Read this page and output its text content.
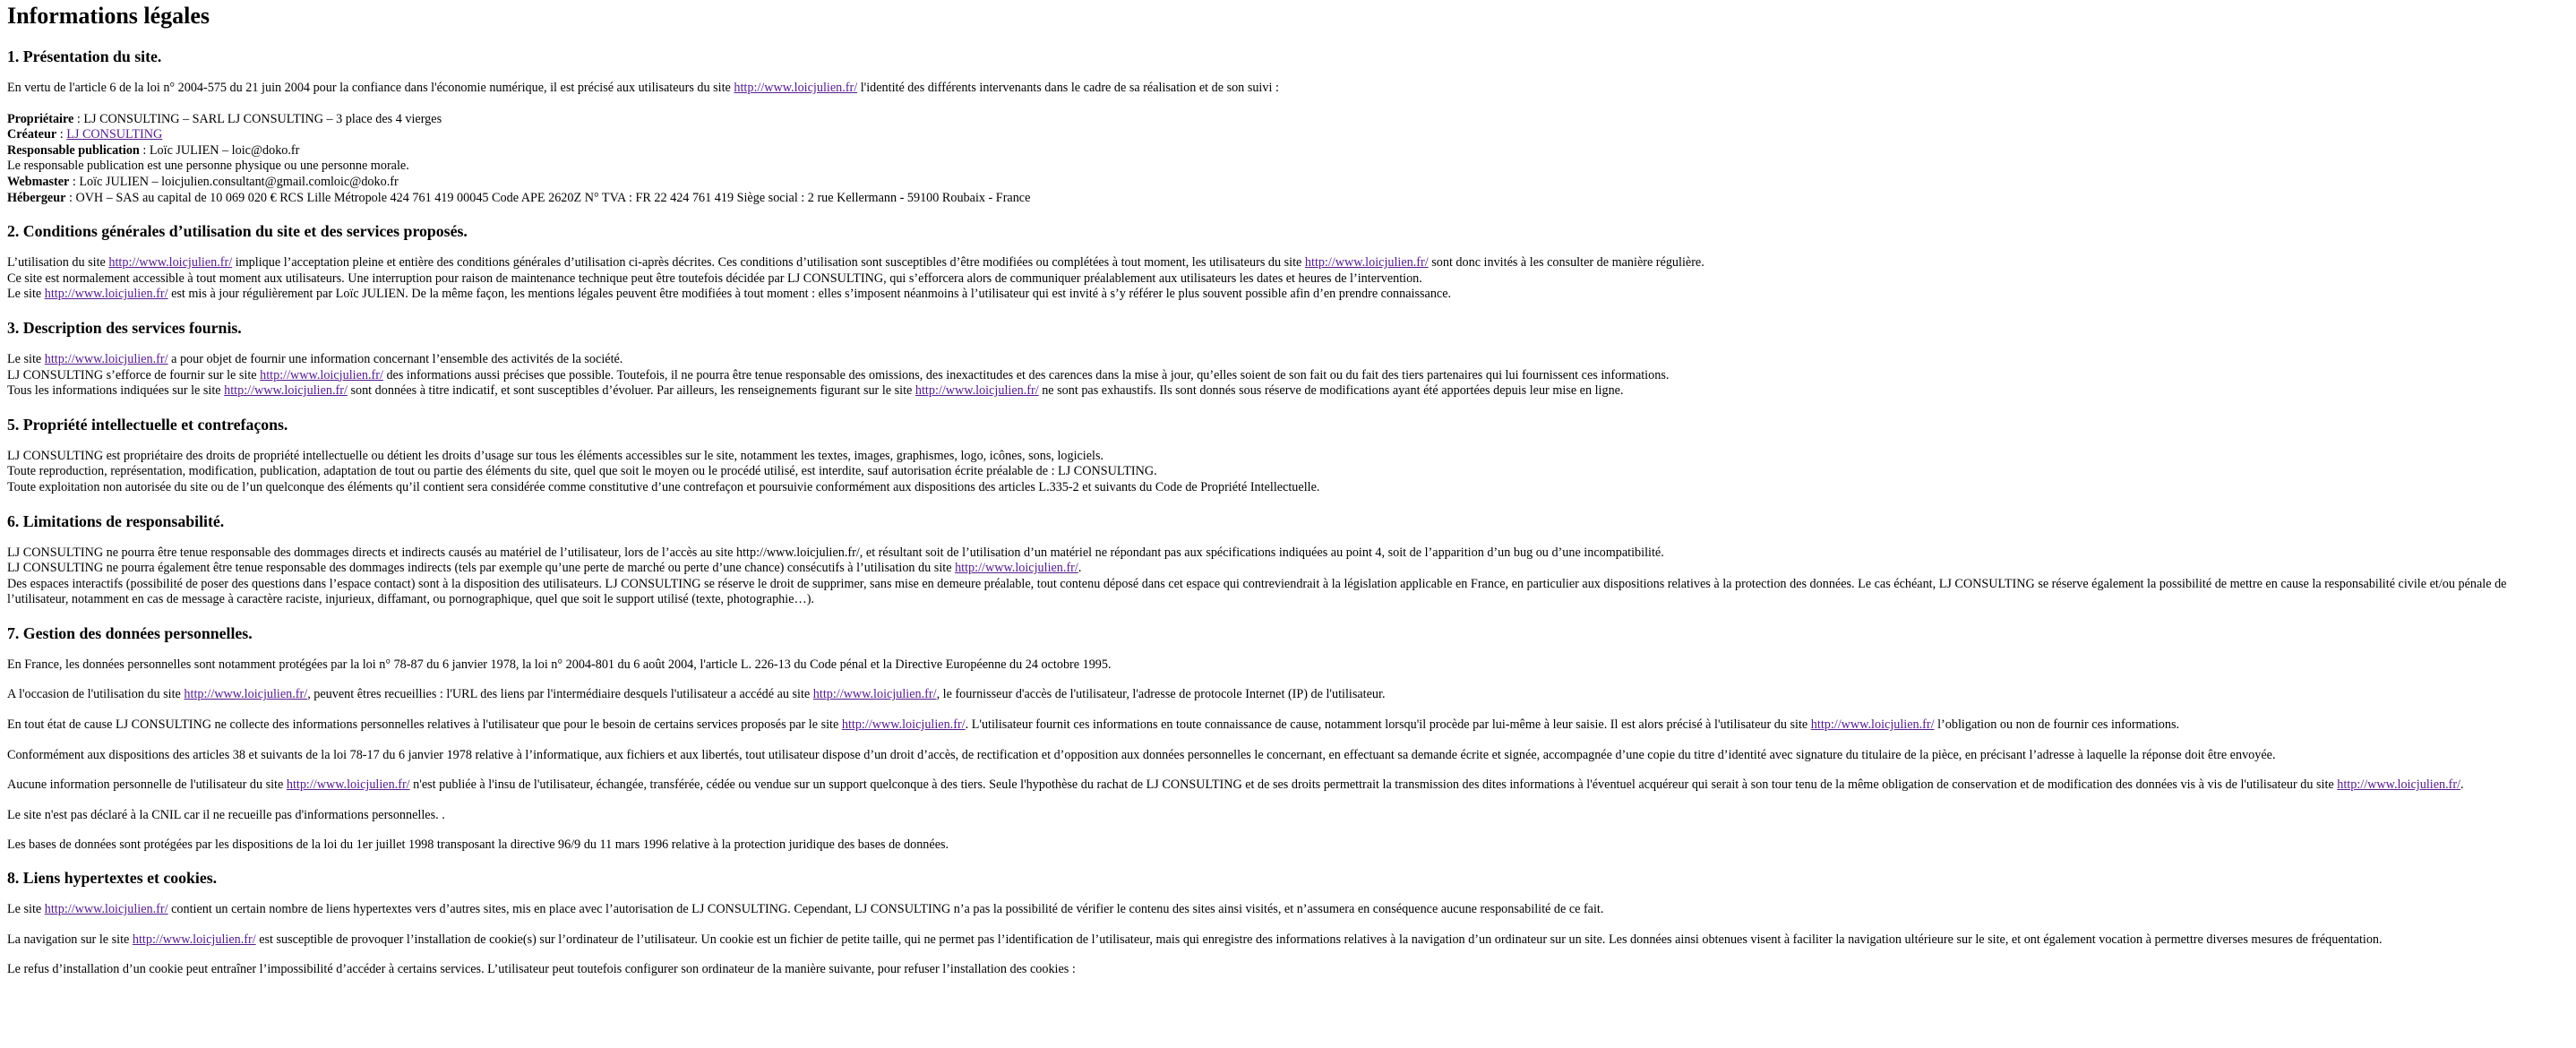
Informations légales
1. Présentation du site.

En vertu de l'article 6 de la loi n° 2004-575 du 21 juin 2004 pour la confiance dans l'économie numérique, il est précisé aux utilisateurs du site http://www.loicjulien.fr/ l'identité des différents intervenants dans le cadre de sa réalisation et de son suivi :

Propriétaire : LJ CONSULTING – SARL LJ CONSULTING – 3 place des 4 vierges

Créateur : LJ CONSULTING

Responsable publication : Loïc JULIEN – loic@doko.fr

Le responsable publication est une personne physique ou une personne morale.

Webmaster : Loïc JULIEN – loicjulien.consultant@gmail.comloic@doko.fr

Hébergeur : OVH – SAS au capital de 10 069 020 € RCS Lille Métropole 424 761 419 00045 Code APE 2620Z N° TVA : FR 22 424 761 419 Siège social : 2 rue Kellermann - 59100 Roubaix - France

2. Conditions générales d’utilisation du site et des services proposés.

L’utilisation du site http://www.loicjulien.fr/ implique l’acceptation pleine et entière des conditions générales d’utilisation ci-après décrites. Ces conditions d’utilisation sont susceptibles d’être modifiées ou complétées à tout moment, les utilisateurs du site http://www.loicjulien.fr/ sont donc invités à les consulter de manière régulière.

Ce site est normalement accessible à tout moment aux utilisateurs. Une interruption pour raison de maintenance technique peut être toutefois décidée par LJ CONSULTING, qui s’efforcera alors de communiquer préalablement aux utilisateurs les dates et heures de l’intervention.

Le site http://www.loicjulien.fr/ est mis à jour régulièrement par Loïc JULIEN. De la même façon, les mentions légales peuvent être modifiées à tout moment : elles s’imposent néanmoins à l’utilisateur qui est invité à s’y référer le plus souvent possible afin d’en prendre connaissance.

3. Description des services fournis.

Le site http://www.loicjulien.fr/ a pour objet de fournir une information concernant l’ensemble des activités de la société.

LJ CONSULTING s’efforce de fournir sur le site http://www.loicjulien.fr/ des informations aussi précises que possible. Toutefois, il ne pourra être tenue responsable des omissions, des inexactitudes et des carences dans la mise à jour, qu’elles soient de son fait ou du fait des tiers partenaires qui lui fournissent ces informations.

Tous les informations indiquées sur le site http://www.loicjulien.fr/ sont données à titre indicatif, et sont susceptibles d’évoluer. Par ailleurs, les renseignements figurant sur le site http://www.loicjulien.fr/ ne sont pas exhaustifs. Ils sont donnés sous réserve de modifications ayant été apportées depuis leur mise en ligne.

5. Propriété intellectuelle et contrefaçons.

LJ CONSULTING est propriétaire des droits de propriété intellectuelle ou détient les droits d’usage sur tous les éléments accessibles sur le site, notamment les textes, images, graphismes, logo, icônes, sons, logiciels.

Toute reproduction, représentation, modification, publication, adaptation de tout ou partie des éléments du site, quel que soit le moyen ou le procédé utilisé, est interdite, sauf autorisation écrite préalable de : LJ CONSULTING.

Toute exploitation non autorisée du site ou de l’un quelconque des éléments qu’il contient sera considérée comme constitutive d’une contrefaçon et poursuivie conformément aux dispositions des articles L.335-2 et suivants du Code de Propriété Intellectuelle.

6. Limitations de responsabilité.

LJ CONSULTING ne pourra être tenue responsable des dommages directs et indirects causés au matériel de l’utilisateur, lors de l’accès au site http://www.loicjulien.fr/, et résultant soit de l’utilisation d’un matériel ne répondant pas aux spécifications indiquées au point 4, soit de l’apparition d’un bug ou d’une incompatibilité.

LJ CONSULTING ne pourra également être tenue responsable des dommages indirects (tels par exemple qu’une perte de marché ou perte d’une chance) consécutifs à l’utilisation du site http://www.loicjulien.fr/.

Des espaces interactifs (possibilité de poser des questions dans l’espace contact) sont à la disposition des utilisateurs. LJ CONSULTING se réserve le droit de supprimer, sans mise en demeure préalable, tout contenu déposé dans cet espace qui contreviendrait à la législation applicable en France, en particulier aux dispositions relatives à la protection des données. Le cas échéant, LJ CONSULTING se réserve également la possibilité de mettre en cause la responsabilité civile et/ou pénale de l’utilisateur, notamment en cas de message à caractère raciste, injurieux, diffamant, ou pornographique, quel que soit le support utilisé (texte, photographie…).

7. Gestion des données personnelles.

En France, les données personnelles sont notamment protégées par la loi n° 78-87 du 6 janvier 1978, la loi n° 2004-801 du 6 août 2004, l'article L. 226-13 du Code pénal et la Directive Européenne du 24 octobre 1995.

A l'occasion de l'utilisation du site http://www.loicjulien.fr/, peuvent êtres recueillies : l'URL des liens par l'intermédiaire desquels l'utilisateur a accédé au site http://www.loicjulien.fr/, le fournisseur d'accès de l'utilisateur, l'adresse de protocole Internet (IP) de l'utilisateur.

En tout état de cause LJ CONSULTING ne collecte des informations personnelles relatives à l'utilisateur que pour le besoin de certains services proposés par le site http://www.loicjulien.fr/. L'utilisateur fournit ces informations en toute connaissance de cause, notamment lorsqu'il procède par lui-même à leur saisie. Il est alors précisé à l'utilisateur du site http://www.loicjulien.fr/ l’obligation ou non de fournir ces informations.

Conformément aux dispositions des articles 38 et suivants de la loi 78-17 du 6 janvier 1978 relative à l’informatique, aux fichiers et aux libertés, tout utilisateur dispose d’un droit d’accès, de rectification et d’opposition aux données personnelles le concernant, en effectuant sa demande écrite et signée, accompagnée d’une copie du titre d’identité avec signature du titulaire de la pièce, en précisant l’adresse à laquelle la réponse doit être envoyée.

Aucune information personnelle de l'utilisateur du site http://www.loicjulien.fr/ n'est publiée à l'insu de l'utilisateur, échangée, transférée, cédée ou vendue sur un support quelconque à des tiers. Seule l'hypothèse du rachat de LJ CONSULTING et de ses droits permettrait la transmission des dites informations à l'éventuel acquéreur qui serait à son tour tenu de la même obligation de conservation et de modification des données vis à vis de l'utilisateur du site http://www.loicjulien.fr/.

Le site n'est pas déclaré à la CNIL car il ne recueille pas d'informations personnelles. .

Les bases de données sont protégées par les dispositions de la loi du 1er juillet 1998 transposant la directive 96/9 du 11 mars 1996 relative à la protection juridique des bases de données.

8. Liens hypertextes et cookies.

Le site http://www.loicjulien.fr/ contient un certain nombre de liens hypertextes vers d’autres sites, mis en place avec l’autorisation de LJ CONSULTING. Cependant, LJ CONSULTING n’a pas la possibilité de vérifier le contenu des sites ainsi visités, et n’assumera en conséquence aucune responsabilité de ce fait.

La navigation sur le site http://www.loicjulien.fr/ est susceptible de provoquer l’installation de cookie(s) sur l’ordinateur de l’utilisateur. Un cookie est un fichier de petite taille, qui ne permet pas l’identification de l’utilisateur, mais qui enregistre des informations relatives à la navigation d’un ordinateur sur un site. Les données ainsi obtenues visent à faciliter la navigation ultérieure sur le site, et ont également vocation à permettre diverses mesures de fréquentation.

Le refus d’installation d’un cookie peut entraîner l’impossibilité d’accéder à certains services. L’utilisateur peut toutefois configurer son ordinateur de la manière suivante, pour refuser l’installation des cookies :
